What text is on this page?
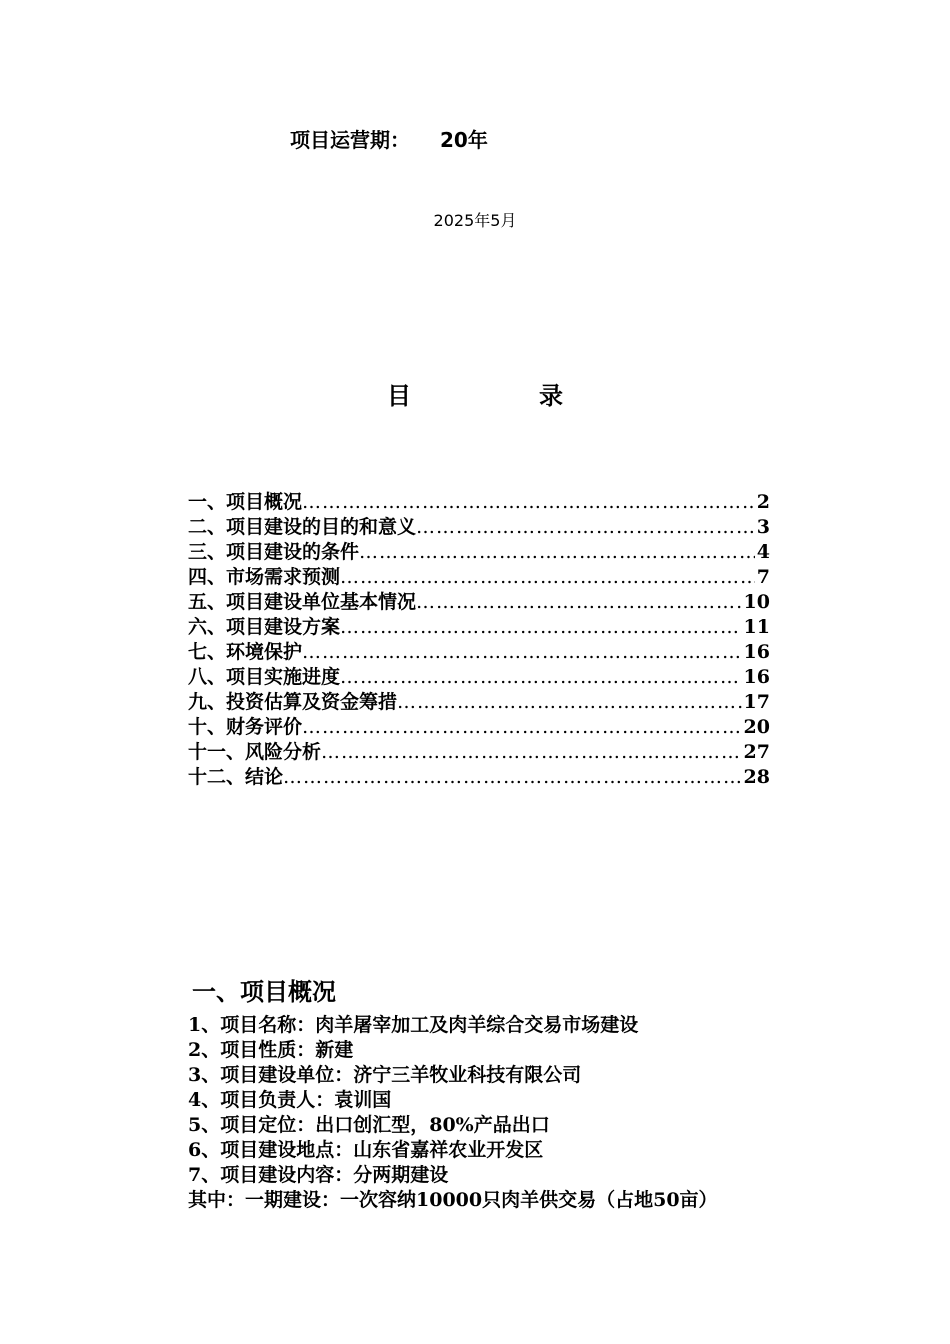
项目运营期： 20年
2025年5月
目录
一、项目概况 …………………………………………………………………………………………………………………………	2
二、项目建设的目的和意义 …………………………………………………………………………………………………………………………	3
三、项目建设的条件 …………………………………………………………………………………………………………………………	4
四、市场需求预测 …………………………………………………………………………………………………………………………	7
五、项目建设单位基本情况 …………………………………………………………………………………………………………………………	10
六、项目建设方案 …………………………………………………………………………………………………………………………	11
七、环境保护 …………………………………………………………………………………………………………………………	16
八、项目实施进度 …………………………………………………………………………………………………………………………	16
九、投资估算及资金筹措 …………………………………………………………………………………………………………………………	17
十、财务评价 …………………………………………………………………………………………………………………………	20
十一、风险分析 …………………………………………………………………………………………………………………………	27
十二、结论 …………………………………………………………………………………………………………………………	28
一、项目概况
1、项目名称：肉羊屠宰加工及肉羊综合交易市场建设
2、项目性质：新建
3、项目建设单位：济宁三羊牧业科技有限公司
4、项目负责人：袁训国
5、项目定位：出口创汇型，80%产品出口
6、项目建设地点：山东省嘉祥农业开发区
7、项目建设内容：分两期建设
其中：一期建设：一次容纳10000只肉羊供交易（占地50亩）
